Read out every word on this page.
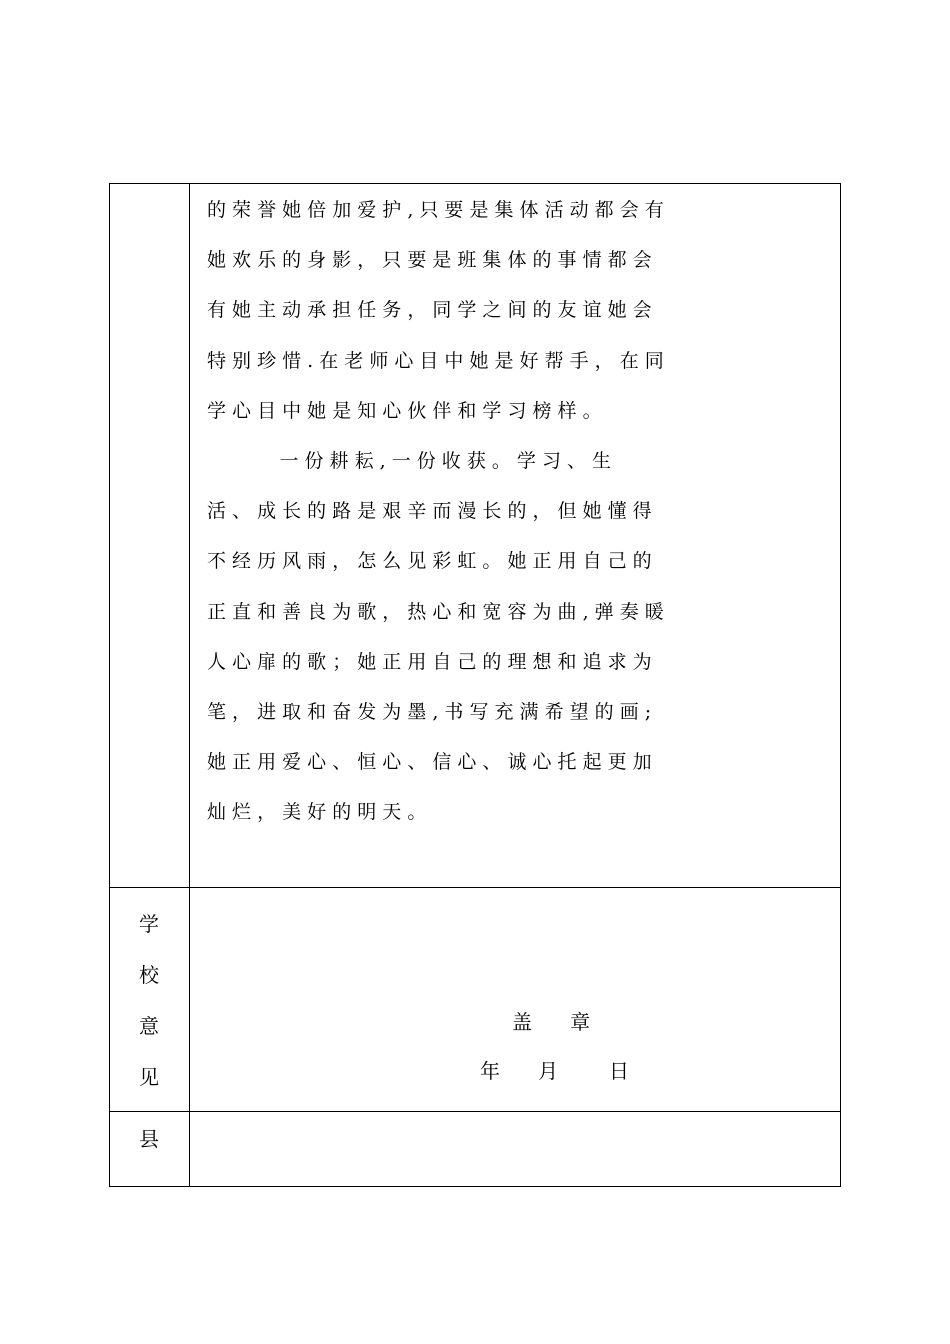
的 荣 誉 她 倍 加 爱 护 , 只 要 是 集 体 活 动 都 会 有
她 欢 乐 的 身 影 ， 只 要 是 班 集 体 的 事 情 都 会
有 她 主 动 承 担 任 务 ， 同 学 之 间 的 友 谊 她 会
特 别 珍 惜 . 在 老 师 心 目 中 她 是 好 帮 手 ， 在 同
学 心 目 中 她 是 知 心 伙 伴 和 学 习 榜 样 。
一 份 耕 耘 , 一 份 收 获 。 学 习 、 生
活 、 成 长 的 路 是 艰 辛 而 漫 长 的 ， 但 她 懂 得
不 经 历 风 雨 ， 怎 么 见 彩 虹 。 她 正 用 自 己 的
正 直 和 善 良 为 歌 ， 热 心 和 宽 容 为 曲 , 弹 奏 暖
人 心 扉 的 歌 ； 她 正 用 自 己 的 理 想 和 追 求 为
笔 ， 进 取 和 奋 发 为 墨 , 书 写 充 满 希 望 的 画 ;
她 正 用 爱 心 、 恒 心 、 信 心 、 诚 心 托 起 更 加
灿 烂 ， 美 好 的 明 天 。
学
校
意
见
盖      章
年      月        日
县
